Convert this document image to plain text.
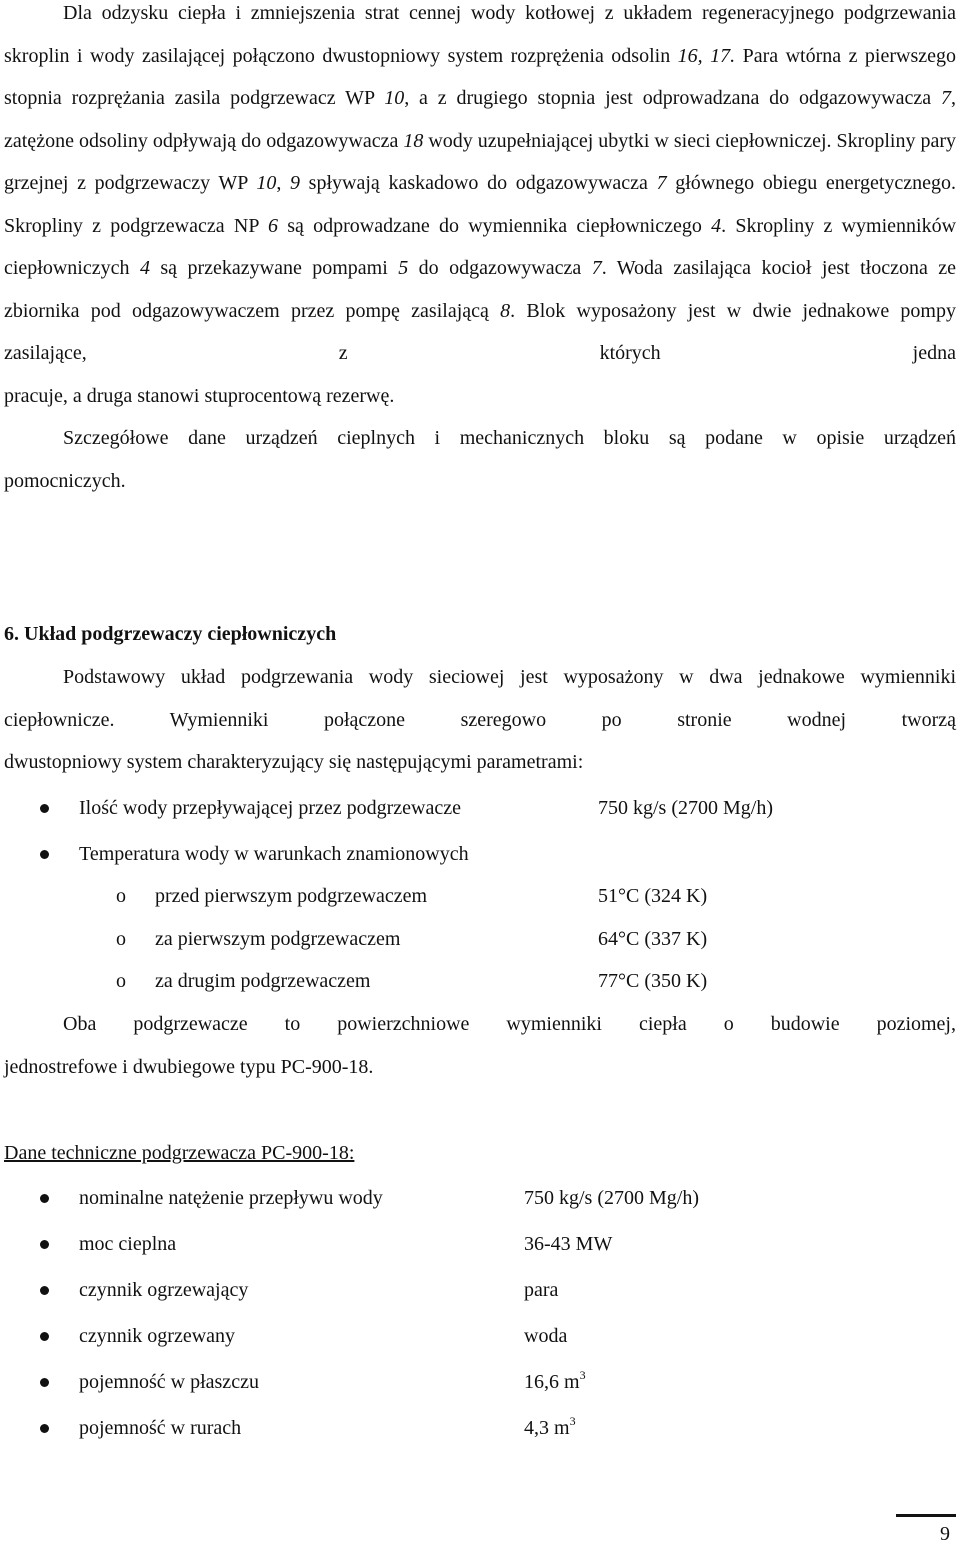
Dla odzysku ciepła i zmniejszenia strat cennej wody kotłowej z układem regeneracyjnego podgrzewania skroplin i wody zasilającej połączono dwustopniowy system rozprężenia odsolin 16, 17. Para wtórna z pierwszego stopnia rozprężania zasila podgrzewacz WP 10, a z drugiego stopnia jest odprowadzana do odgazowywacza 7, zatężone odsoliny odpływają do odgazowywacza 18 wody uzupełniającej ubytki w sieci ciepłowniczej. Skropliny pary grzejnej z podgrzewaczy WP 10, 9 spływają kaskadowo do odgazowywacza 7 głównego obiegu energetycznego. Skropliny z podgrzewacza NP 6 są odprowadzane do wymiennika ciepłowniczego 4. Skropliny z wymienników ciepłowniczych 4 są przekazywane pompami 5 do odgazowywacza 7. Woda zasilająca kocioł jest tłoczona ze zbiornika pod odgazowywaczem przez pompę zasilającą 8. Blok wyposażony jest w dwie jednakowe pompy zasilające, z których jedna

pracuje, a druga stanowi stuprocentową rezerwę.

Szczegółowe dane urządzeń cieplnych i mechanicznych bloku są podane w opisie urządzeń

pomocniczych.

6. Układ podgrzewaczy ciepłowniczych

Podstawowy układ podgrzewania wody sieciowej jest wyposażony w dwa jednakowe wymienniki ciepłownicze. Wymienniki połączone szeregowo po stronie wodnej tworzą

dwustopniowy system charakteryzujący się następującymi parametrami:

Ilość wody przepływającej przez podgrzewacze	750 kg/s (2700 Mg/h)
Temperatura wody w warunkach znamionowych
o przed pierwszym podgrzewaczem	51°C (324 K)
o za pierwszym podgrzewaczem	64°C (337 K)
o za drugim podgrzewaczem	77°C (350 K)

Oba podgrzewacze to powierzchniowe wymienniki ciepła o budowie poziomej,

jednostrefowe i dwubiegowe typu PC-900-18.

Dane techniczne podgrzewacza PC-900-18:
nominalne natężenie przepływu wody	750 kg/s (2700 Mg/h)
moc cieplna	36-43 MW
czynnik ogrzewający	para
czynnik ogrzewany	woda
pojemność w płaszczu	16,6 $m^3$
pojemność w rurach	4,3 $m^3$
9
